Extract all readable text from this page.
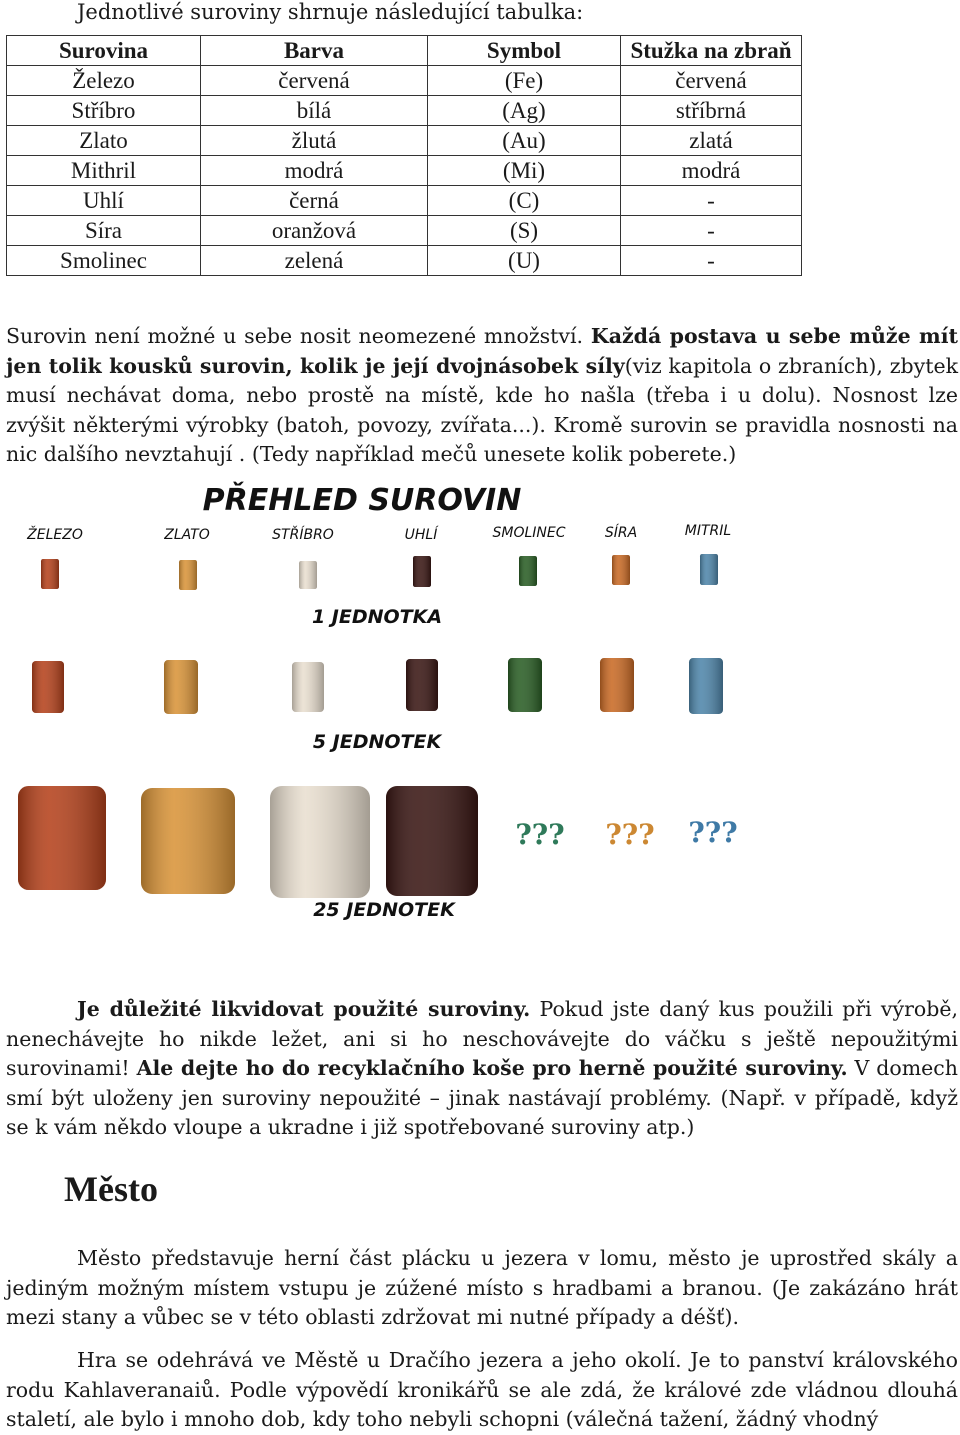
Jednotlivé suroviny shrnuje následující tabulka:
Surovina	Barva	Symbol	Stužka na zbraň
Železo	červená	(Fe)	červená
Stříbro	bílá	(Ag)	stříbrná
Zlato	žlutá	(Au)	zlatá
Mithril	modrá	(Mi)	modrá
Uhlí	černá	(C)	-
Síra	oranžová	(S)	-
Smolinec	zelená	(U)	-
Surovin není možné u sebe nosit neomezené množství. Každá postava u sebe může mít jen tolik kousků surovin, kolik je její dvojnásobek síly(viz kapitola o zbraních), zbytek musí nechávat doma, nebo prostě na místě, kde ho našla (třeba i u dolu). Nosnost lze zvýšit některými výrobky (batoh, povozy, zvířata...). Kromě surovin se pravidla nosnosti na nic dalšího nevztahují . (Tedy například mečů unesete kolik poberete.)
PŘEHLED SUROVIN
ŽELEZO	ZLATO	STŘÍBRO	UHLÍ	SMOLINEC	SÍRA	MITRIL
1 JEDNOTKA
5 JEDNOTEK
??? ??? ???
25 JEDNOTEK
Je důležité likvidovat použité suroviny. Pokud jste daný kus použili při výrobě, nenechávejte ho nikde ležet, ani si ho neschovávejte do váčku s ještě nepoužitými surovinami! Ale dejte ho do recyklačního koše pro herně použité suroviny. V domech smí být uloženy jen suroviny nepoužité – jinak nastávají problémy. (Např. v případě, když se k vám někdo vloupe a ukradne i již spotřebované suroviny atp.)
Město
Město představuje herní část plácku u jezera v lomu, město je uprostřed skály a jediným možným místem vstupu je zúžené místo s hradbami a branou. (Je zakázáno hrát mezi stany a vůbec se v této oblasti zdržovat mi nutné případy a déšť).
Hra se odehrává ve Městě u Dračího jezera a jeho okolí. Je to panství královského rodu Kahlaveranaiů. Podle výpovědí kronikářů se ale zdá, že králové zde vládnou dlouhá staletí, ale bylo i mnoho dob, kdy toho nebyli schopni (válečná tažení, žádný vhodný
